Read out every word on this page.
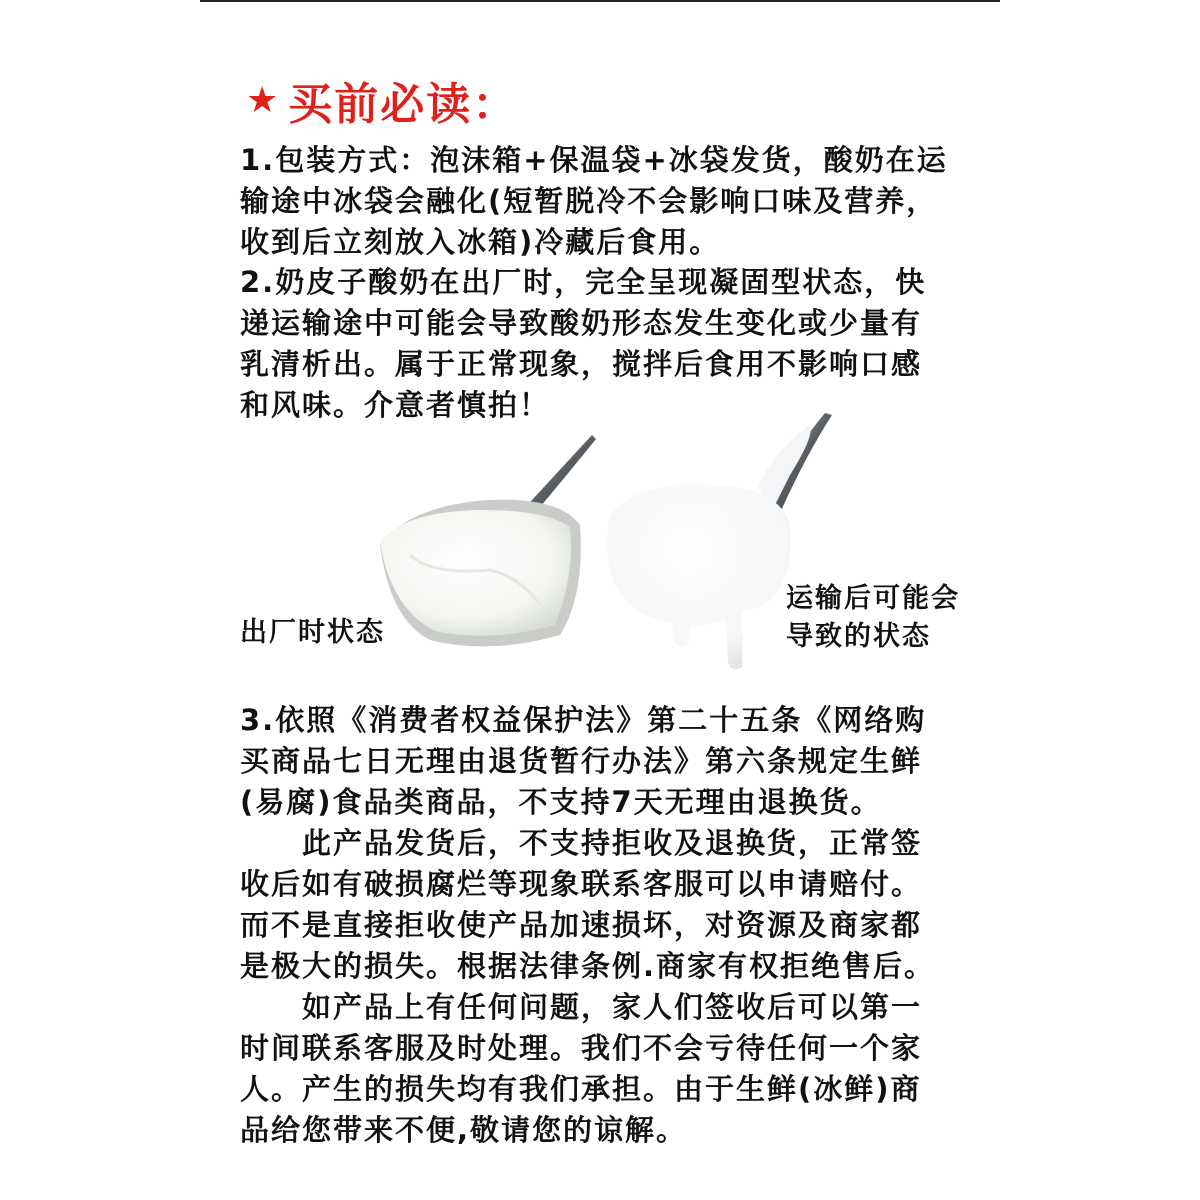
★ 买前必读：

1.包装方式：泡沫箱+保温袋+冰袋发货，酸奶在运
输途中冰袋会融化(短暂脱冷不会影响口味及营养，
收到后立刻放入冰箱)冷藏后食用。

2.奶皮子酸奶在出厂时，完全呈现凝固型状态，快
递运输途中可能会导致酸奶形态发生变化或少量有
乳清析出。属于正常现象，搅拌后食用不影响口感
和风味。介意者慎拍！

出厂时状态
运输后可能会
导致的状态

3.依照《消费者权益保护法》第二十五条《网络购
买商品七日无理由退货暂行办法》第六条规定生鲜
(易腐)食品类商品，不支持7天无理由退换货。

此产品发货后，不支持拒收及退换货，正常签
收后如有破损腐烂等现象联系客服可以申请赔付。
而不是直接拒收使产品加速损坏，对资源及商家都
是极大的损失。根据法律条例.商家有权拒绝售后。

如产品上有任何问题，家人们签收后可以第一
时间联系客服及时处理。我们不会亏待任何一个家
人。产生的损失均有我们承担。由于生鲜(冰鲜)商
品给您带来不便,敬请您的谅解。
